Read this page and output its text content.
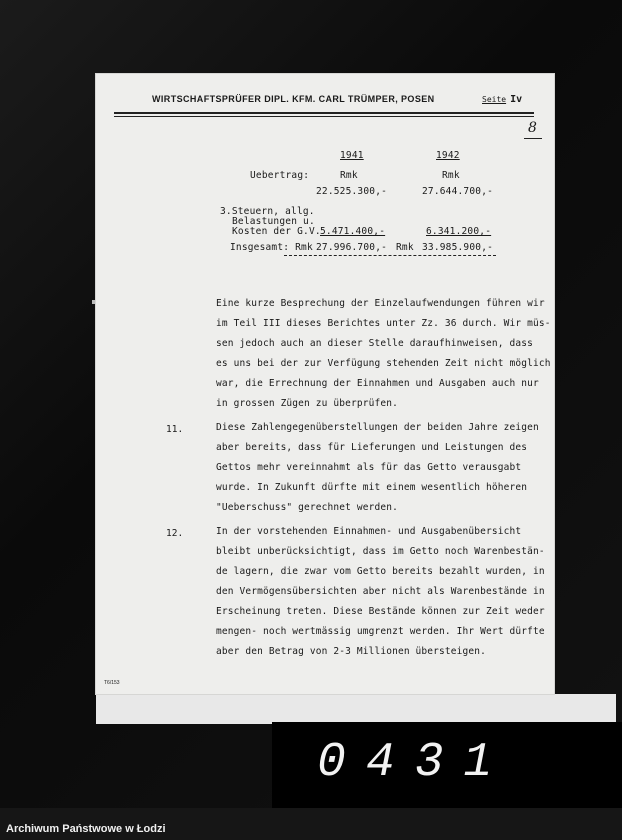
WIRTSCHAFTSPRÜFER DIPL. KFM. CARL TRÜMPER, POSEN	Seite Iv
8
1941	1942
Uebertrag:	Rmk	Rmk
22.525.300,-	27.644.700,-
3.Steuern, allg.
Belastungen u.
Kosten der G.V. 5.471.400,-	6.341.200,-
Insgesamt: Rmk 27.996.700,- Rmk 33.985.900,-
Eine kurze Besprechung der Einzelaufwendungen führen wir
im Teil III dieses Berichtes unter Zz. 36 durch. Wir müs-
sen jedoch auch an dieser Stelle daraufhinweisen, dass
es uns bei der zur Verfügung stehenden Zeit nicht möglich
war, die Errechnung der Einnahmen und Ausgaben auch nur
in grossen Zügen zu überprüfen.
11.	Diese Zahlengegenüberstellungen der beiden Jahre zeigen
aber bereits, dass für Lieferungen und Leistungen des
Gettos mehr vereinnahmt als für das Getto verausgabt
wurde. In Zukunft dürfte mit einem wesentlich höheren
"Ueberschuss" gerechnet werden.
12.	In der vorstehenden Einnahmen- und Ausgabenübersicht
bleibt unberücksichtigt, dass im Getto noch Warenbestän-
de lagern, die zwar vom Getto bereits bezahlt wurden, in
den Vermögensübersichten aber nicht als Warenbestände in
Erscheinung treten. Diese Bestände können zur Zeit weder
mengen- noch wertmässig umgrenzt werden. Ihr Wert dürfte
aber den Betrag von 2-3 Millionen übersteigen.
T6/153
0431
Archiwum Państwowe w Łodzi
